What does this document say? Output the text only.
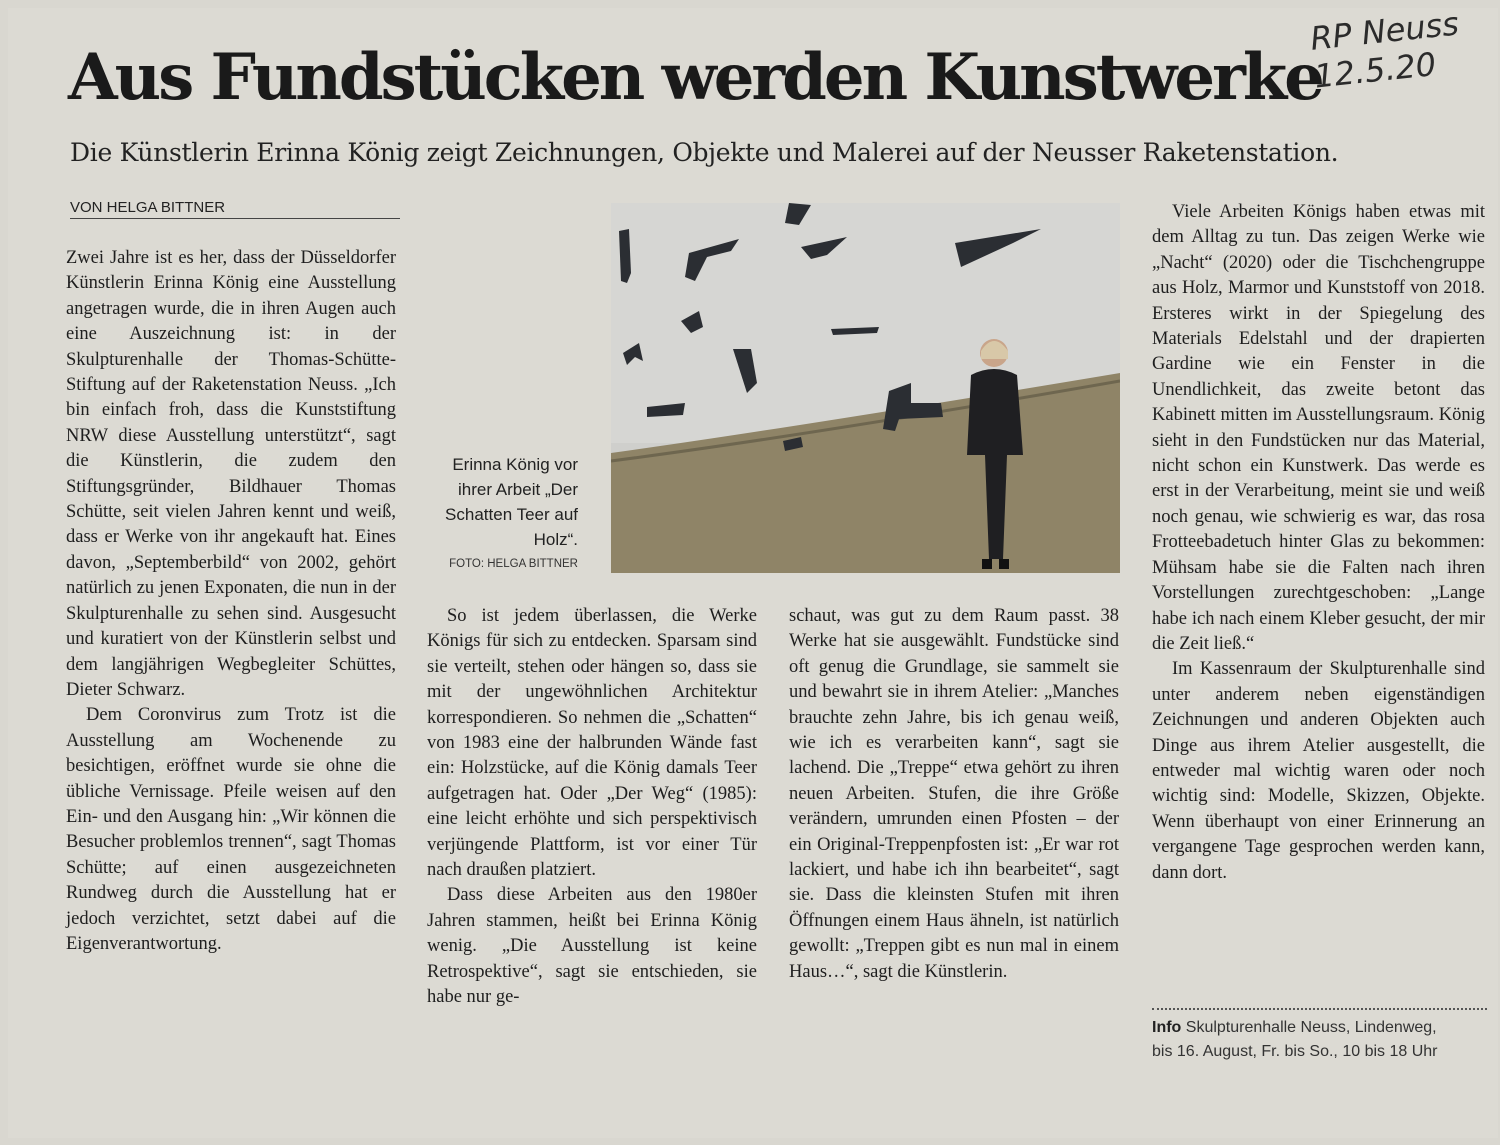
Aus Fundstücken werden Kunstwerke
Die Künstlerin Erinna König zeigt Zeichnungen, Objekte und Malerei auf der Neusser Raketenstation.
RP Neuss
12.5.20
VON HELGA BITTNER

Zwei Jahre ist es her, dass der Düsseldorfer Künstlerin Erinna König eine Ausstellung angetragen wurde, die in ihren Augen auch eine Auszeichnung ist: in der Skulpturenhalle der Thomas-Schütte-Stiftung auf der Raketenstation Neuss. „Ich bin einfach froh, dass die Kunststiftung NRW diese Ausstellung unterstützt“, sagt die Künstlerin, die zudem den Stiftungsgründer, Bildhauer Thomas Schütte, seit vielen Jahren kennt und weiß, dass er Werke von ihr angekauft hat. Eines davon, „Septemberbild“ von 2002, gehört natürlich zu jenen Exponaten, die nun in der Skulpturenhalle zu sehen sind. Ausgesucht und kuratiert von der Künstlerin selbst und dem langjährigen Wegbegleiter Schüttes, Dieter Schwarz.

Dem Coronvirus zum Trotz ist die Ausstellung am Wochenende zu besichtigen, eröffnet wurde sie ohne die übliche Vernissage. Pfeile weisen auf den Ein- und den Ausgang hin: „Wir können die Besucher problemlos trennen“, sagt Thomas Schütte; auf einen ausgezeichneten Rundweg durch die Ausstellung hat er jedoch verzichtet, setzt dabei auf die Eigenverantwortung.

Erinna König vor ihrer Arbeit „Der Schatten Teer auf Holz“.
FOTO: HELGA BITTNER

So ist jedem überlassen, die Werke Königs für sich zu entdecken. Sparsam sind sie verteilt, stehen oder hängen so, dass sie mit der ungewöhnlichen Architektur korrespondieren. So nehmen die „Schatten“ von 1983 eine der halbrunden Wände fast ein: Holzstücke, auf die König damals Teer aufgetragen hat. Oder „Der Weg“ (1985): eine leicht erhöhte und sich perspektivisch verjüngende Plattform, ist vor einer Tür nach draußen platziert.

Dass diese Arbeiten aus den 1980er Jahren stammen, heißt bei Erinna König wenig. „Die Ausstellung ist keine Retrospektive“, sagt sie entschieden, sie habe nur ge-

schaut, was gut zu dem Raum passt. 38 Werke hat sie ausgewählt. Fundstücke sind oft genug die Grundlage, sie sammelt sie und bewahrt sie in ihrem Atelier: „Manches brauchte zehn Jahre, bis ich genau weiß, wie ich es verarbeiten kann“, sagt sie lachend. Die „Treppe“ etwa gehört zu ihren neuen Arbeiten. Stufen, die ihre Größe verändern, umrunden einen Pfosten – der ein Original-Treppenpfosten ist: „Er war rot lackiert, und habe ich ihn bearbeitet“, sagt sie. Dass die kleinsten Stufen mit ihren Öffnungen einem Haus ähneln, ist natürlich gewollt: „Treppen gibt es nun mal in einem Haus…“, sagt die Künstlerin.

Viele Arbeiten Königs haben etwas mit dem Alltag zu tun. Das zeigen Werke wie „Nacht“ (2020) oder die Tischchengruppe aus Holz, Marmor und Kunststoff von 2018. Ersteres wirkt in der Spiegelung des Materials Edelstahl und der drapierten Gardine wie ein Fenster in die Unendlichkeit, das zweite betont das Kabinett mitten im Ausstellungsraum. König sieht in den Fundstücken nur das Material, nicht schon ein Kunstwerk. Das werde es erst in der Verarbeitung, meint sie und weiß noch genau, wie schwierig es war, das rosa Frotteebadetuch hinter Glas zu bekommen: Mühsam habe sie die Falten nach ihren Vorstellungen zurechtgeschoben: „Lange habe ich nach einem Kleber gesucht, der mir die Zeit ließ.“

Im Kassenraum der Skulpturenhalle sind unter anderem neben eigenständigen Zeichnungen und anderen Objekten auch Dinge aus ihrem Atelier ausgestellt, die entweder mal wichtig waren oder noch wichtig sind: Modelle, Skizzen, Objekte. Wenn überhaupt von einer Erinnerung an vergangene Tage gesprochen werden kann, dann dort.

Info Skulpturenhalle Neuss, Lindenweg,
bis 16. August, Fr. bis So., 10 bis 18 Uhr
